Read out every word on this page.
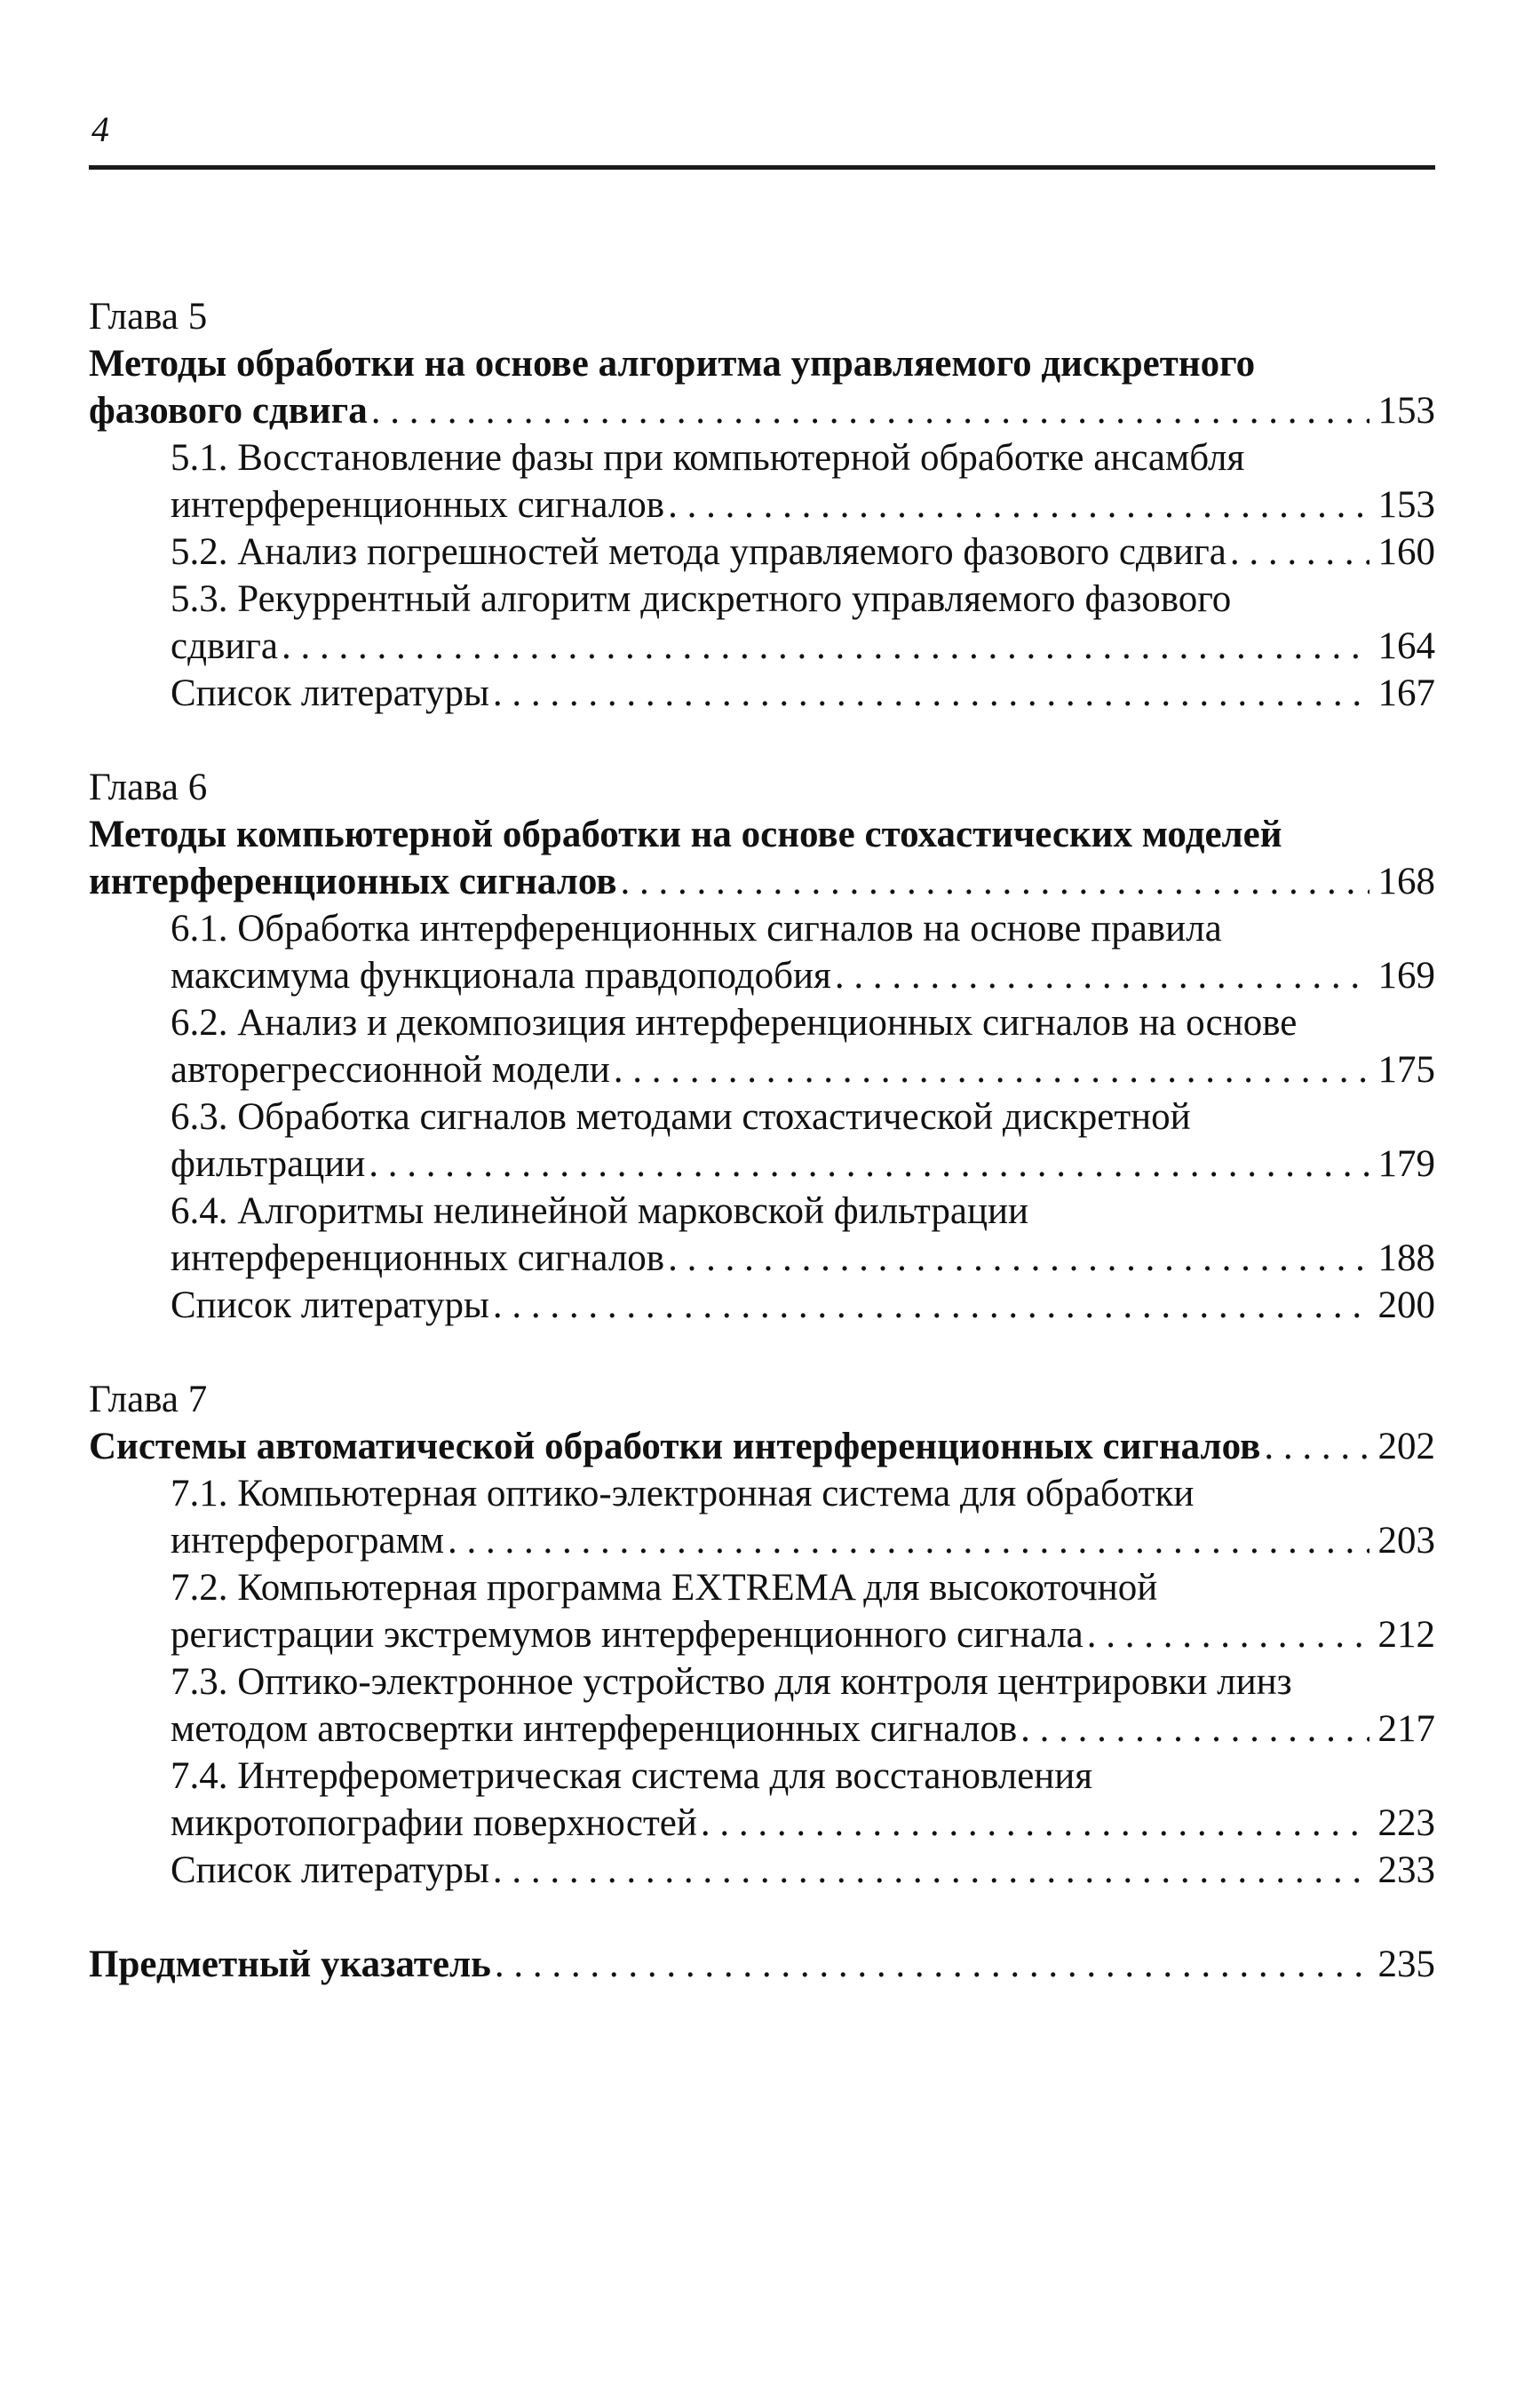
4
Глава 5
Методы обработки на основе алгоритма управляемого дискретного
фазового сдвига . . .	153
5.1. Восстановление фазы при компьютерной обработке ансамбля
интерференционных сигналов . . .	153
5.2. Анализ погрешностей метода управляемого фазового сдвига . . .	160
5.3. Рекуррентный алгоритм дискретного управляемого фазового
сдвига . . .	164
Список литературы . . .	167
Глава 6
Методы компьютерной обработки на основе стохастических моделей
интерференционных сигналов . . .	168
6.1. Обработка интерференционных сигналов на основе правила
максимума функционала правдоподобия . . .	169
6.2. Анализ и декомпозиция интерференционных сигналов на основе
авторегрессионной модели . . .	175
6.3. Обработка сигналов методами стохастической дискретной
фильтрации . . .	179
6.4. Алгоритмы нелинейной марковской фильтрации
интерференционных сигналов . . .	188
Список литературы . . .	200
Глава 7
Системы автоматической обработки интерференционных сигналов . . .	202
7.1. Компьютерная оптико-электронная система для обработки
интерферограмм . . .	203
7.2. Компьютерная программа EXTREMA для высокоточной
регистрации экстремумов интерференционного сигнала . . .	212
7.3. Оптико-электронное устройство для контроля центрировки линз
методом автосвертки интерференционных сигналов . . .	217
7.4. Интерферометрическая система для восстановления
микротопографии поверхностей . . .	223
Список литературы . . .	233
Предметный указатель . . .	235
